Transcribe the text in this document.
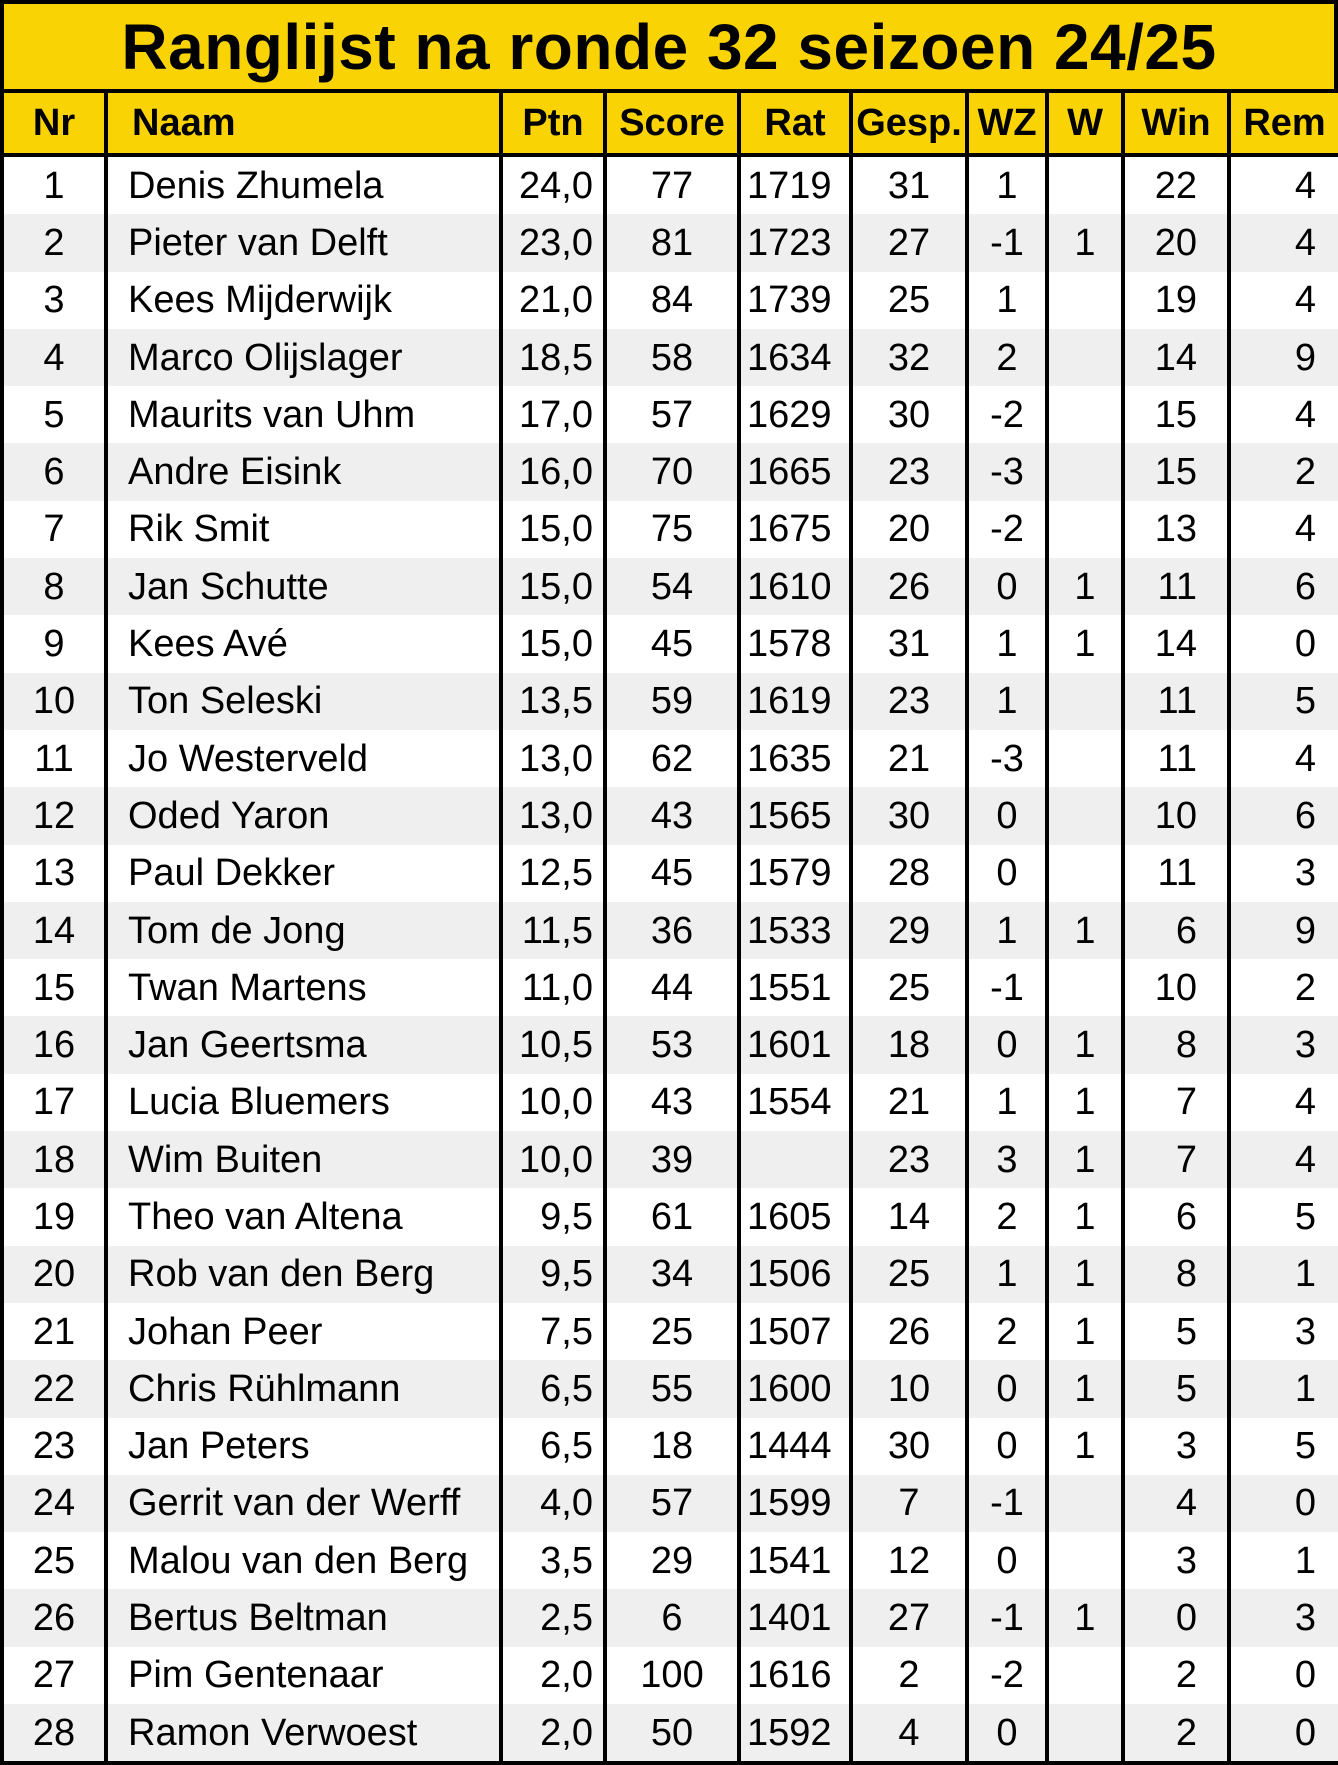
Ranglijst na ronde 32 seizoen 24/25
Nr	Naam	Ptn	Score	Rat	Gesp.	WZ	W	Win	Rem
1	Denis Zhumela	24,0	77	1719	31	1		22	4
2	Pieter van Delft	23,0	81	1723	27	-1	1	20	4
3	Kees Mijderwijk	21,0	84	1739	25	1		19	4
4	Marco Olijslager	18,5	58	1634	32	2		14	9
5	Maurits van Uhm	17,0	57	1629	30	-2		15	4
6	Andre Eisink	16,0	70	1665	23	-3		15	2
7	Rik Smit	15,0	75	1675	20	-2		13	4
8	Jan Schutte	15,0	54	1610	26	0	1	11	6
9	Kees Avé	15,0	45	1578	31	1	1	14	0
10	Ton Seleski	13,5	59	1619	23	1		11	5
11	Jo Westerveld	13,0	62	1635	21	-3		11	4
12	Oded Yaron	13,0	43	1565	30	0		10	6
13	Paul Dekker	12,5	45	1579	28	0		11	3
14	Tom de Jong	11,5	36	1533	29	1	1	6	9
15	Twan Martens	11,0	44	1551	25	-1		10	2
16	Jan Geertsma	10,5	53	1601	18	0	1	8	3
17	Lucia Bluemers	10,0	43	1554	21	1	1	7	4
18	Wim Buiten	10,0	39		23	3	1	7	4
19	Theo van Altena	9,5	61	1605	14	2	1	6	5
20	Rob van den Berg	9,5	34	1506	25	1	1	8	1
21	Johan Peer	7,5	25	1507	26	2	1	5	3
22	Chris Rühlmann	6,5	55	1600	10	0	1	5	1
23	Jan Peters	6,5	18	1444	30	0	1	3	5
24	Gerrit van der Werff	4,0	57	1599	7	-1		4	0
25	Malou van den Berg	3,5	29	1541	12	0		3	1
26	Bertus Beltman	2,5	6	1401	27	-1	1	0	3
27	Pim Gentenaar	2,0	100	1616	2	-2		2	0
28	Ramon Verwoest	2,0	50	1592	4	0		2	0
